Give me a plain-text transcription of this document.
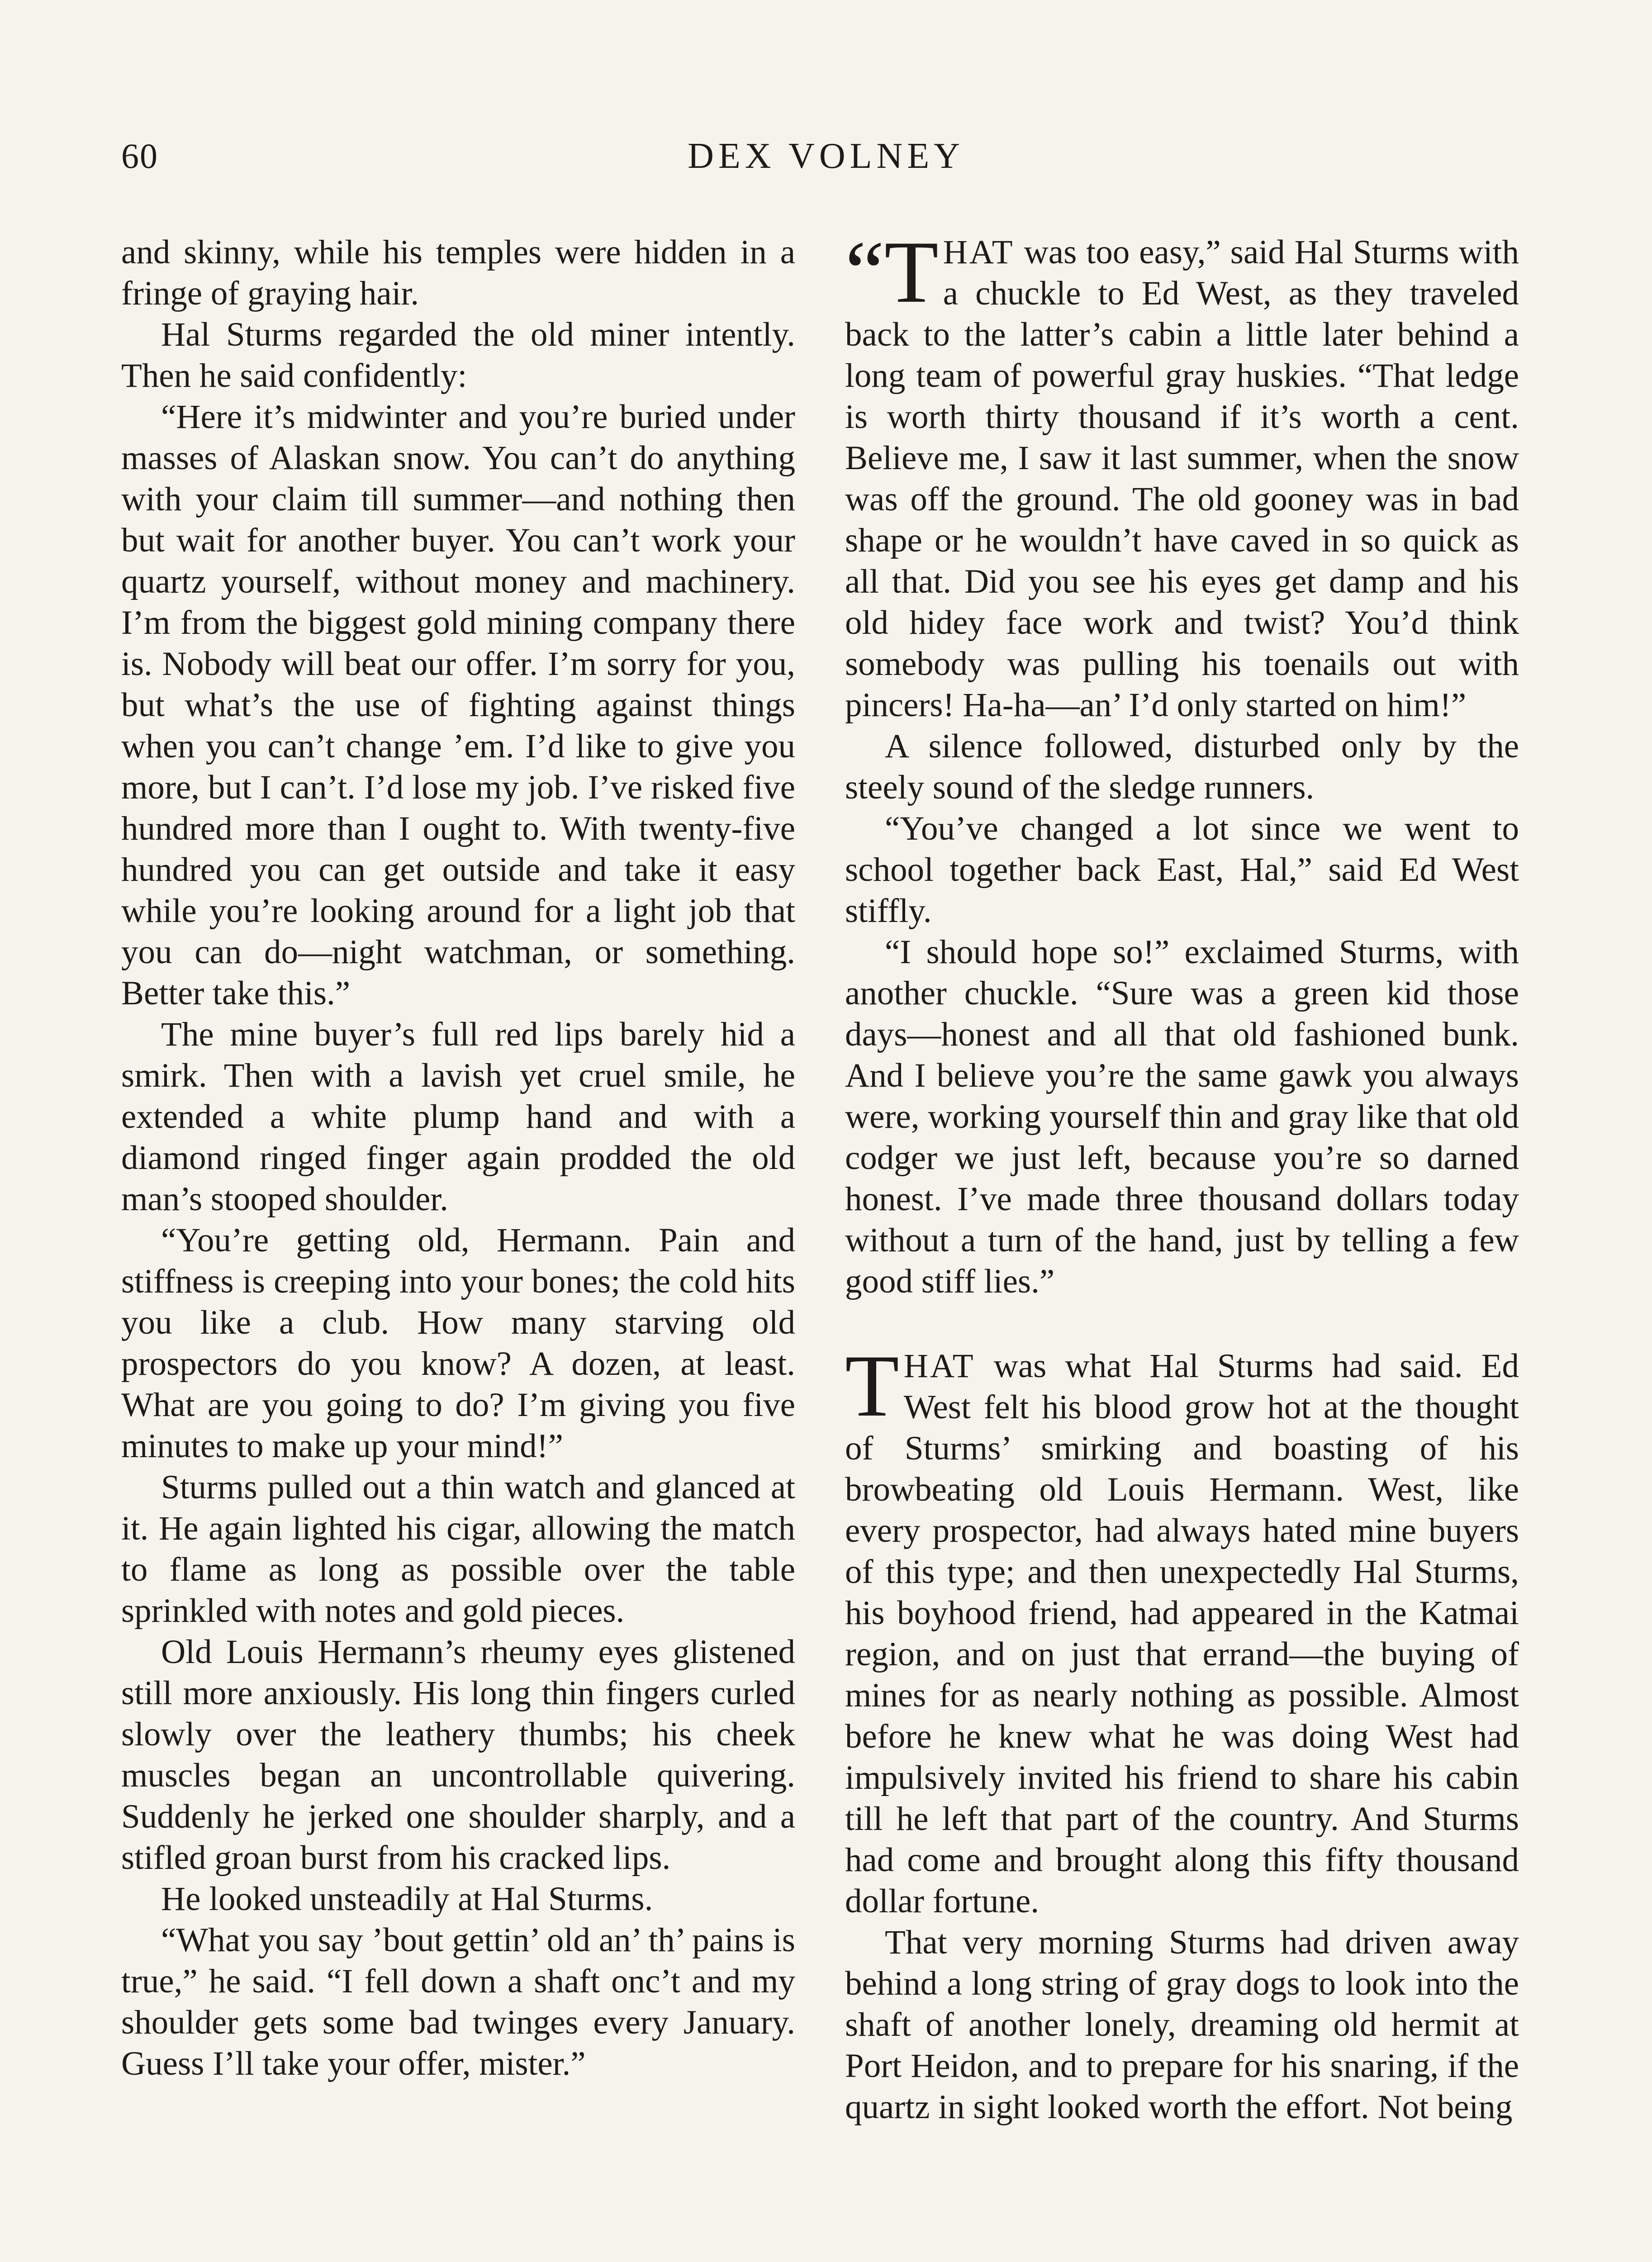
60	DEX VOLNEY

and skinny, while his temples were hidden in a fringe of graying hair.

Hal Sturms regarded the old miner intently. Then he said confidently:

“Here it’s midwinter and you’re buried under masses of Alaskan snow. You can’t do anything with your claim till summer—and nothing then but wait for another buyer. You can’t work your quartz yourself, without money and machinery. I’m from the biggest gold mining company there is. Nobody will beat our offer. I’m sorry for you, but what’s the use of fighting against things when you can’t change ’em. I’d like to give you more, but I can’t. I’d lose my job. I’ve risked five hundred more than I ought to. With twenty-five hundred you can get outside and take it easy while you’re looking around for a light job that you can do—night watchman, or something. Better take this.”

The mine buyer’s full red lips barely hid a smirk. Then with a lavish yet cruel smile, he extended a white plump hand and with a diamond ringed finger again prodded the old man’s stooped shoulder.

“You’re getting old, Hermann. Pain and stiffness is creeping into your bones; the cold hits you like a club. How many starving old prospectors do you know? A dozen, at least. What are you going to do? I’m giving you five minutes to make up your mind!”

Sturms pulled out a thin watch and glanced at it. He again lighted his cigar, allowing the match to flame as long as possible over the table sprinkled with notes and gold pieces.

Old Louis Hermann’s rheumy eyes glistened still more anxiously. His long thin fingers curled slowly over the leathery thumbs; his cheek muscles began an uncontrollable quivering. Suddenly he jerked one shoulder sharply, and a stifled groan burst from his cracked lips.

He looked unsteadily at Hal Sturms.

“What you say ’bout gettin’ old an’ th’ pains is true,” he said. “I fell down a shaft onc’t and my shoulder gets some bad twinges every January. Guess I’ll take your offer, mister.”

“T HAT was too easy,” said Hal Sturms with a chuckle to Ed West, as they traveled back to the latter’s cabin a little later behind a long team of powerful gray huskies. “That ledge is worth thirty thousand if it’s worth a cent. Believe me, I saw it last summer, when the snow was off the ground. The old gooney was in bad shape or he wouldn’t have caved in so quick as all that. Did you see his eyes get damp and his old hidey face work and twist? You’d think somebody was pulling his toenails out with pincers! Ha-ha—an’ I’d only started on him!”

A silence followed, disturbed only by the steely sound of the sledge runners.

“You’ve changed a lot since we went to school together back East, Hal,” said Ed West stiffly.

“I should hope so!” exclaimed Sturms, with another chuckle. “Sure was a green kid those days—honest and all that old fashioned bunk. And I believe you’re the same gawk you always were, working yourself thin and gray like that old codger we just left, because you’re so darned honest. I’ve made three thousand dollars today without a turn of the hand, just by telling a few good stiff lies.”

THAT was what Hal Sturms had said. Ed West felt his blood grow hot at the thought of Sturms’ smirking and boasting of his browbeating old Louis Hermann. West, like every prospector, had always hated mine buyers of this type; and then unexpectedly Hal Sturms, his boyhood friend, had appeared in the Katmai region, and on just that errand—the buying of mines for as nearly nothing as possible. Almost before he knew what he was doing West had impulsively invited his friend to share his cabin till he left that part of the country. And Sturms had come and brought along this fifty thousand dollar fortune.

That very morning Sturms had driven away behind a long string of gray dogs to look into the shaft of another lonely, dreaming old hermit at Port Heidon, and to prepare for his snaring, if the quartz in sight looked worth the effort. Not being
